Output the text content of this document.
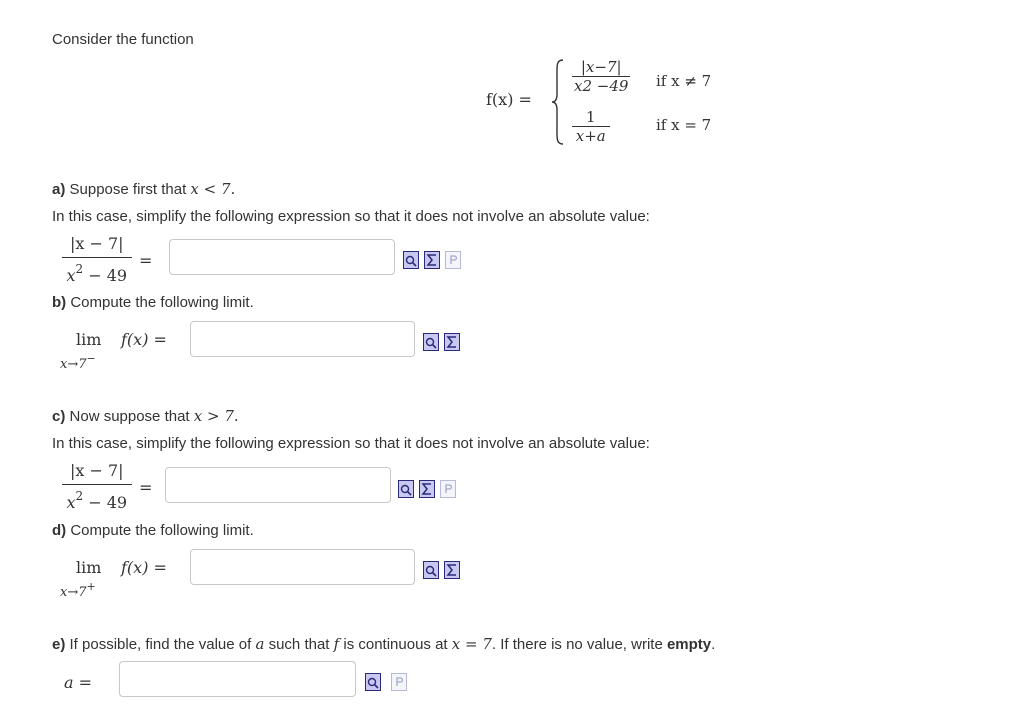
Consider the function
f(x) =
$\frac{|x-7|}{x2 -49}$ if x ≠ 7
$\frac{1}{x+a}$	if x = 7
a) Suppose first that x < 7.
In this case, simplify the following expression so that it does not involve an absolute value:
$\frac{|x - 7|}{x^2 - 49}$ =
b) Compute the following limit.
lim f(x) =
x→7−
c) Now suppose that x > 7.
In this case, simplify the following expression so that it does not involve an absolute value:
$\frac{|x - 7|}{x^2 - 49}$ =
d) Compute the following limit.
lim f(x) =
x→7+
e) If possible, find the value of a such that f is continuous at x = 7. If there is no value, write empty.
a =
